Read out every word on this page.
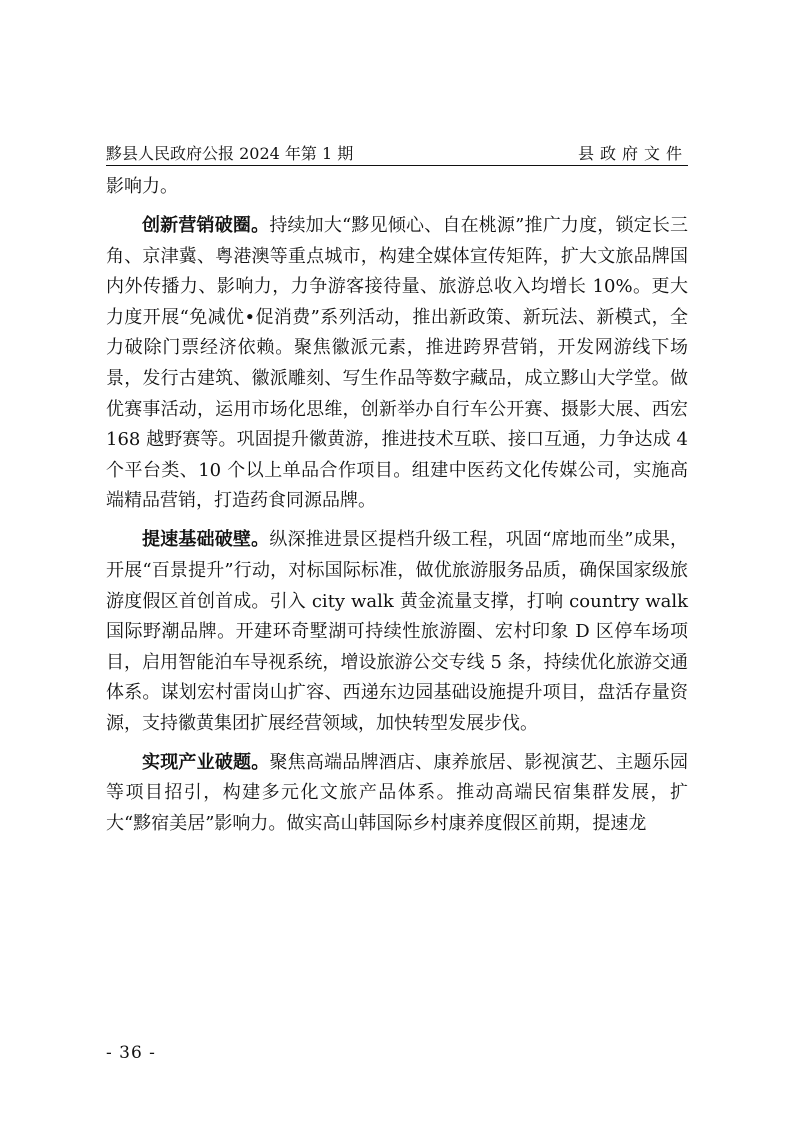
黟县人民政府公报 2024 年第 1 期	县政府文件

影响力。

创新营销破圈。持续加大“黟见倾心、自在桃源”推广力度，锁定长三角、京津冀、粤港澳等重点城市，构建全媒体宣传矩阵，扩大文旅品牌国内外传播力、影响力，力争游客接待量、旅游总收入均增长 10%。更大力度开展“免减优•促消费”系列活动，推出新政策、新玩法、新模式，全力破除门票经济依赖。聚焦徽派元素，推进跨界营销，开发网游线下场景，发行古建筑、徽派雕刻、写生作品等数字藏品，成立黟山大学堂。做优赛事活动，运用市场化思维，创新举办自行车公开赛、摄影大展、西宏 168 越野赛等。巩固提升徽黄游，推进技术互联、接口互通，力争达成 4 个平台类、10 个以上单品合作项目。组建中医药文化传媒公司，实施高端精品营销，打造药食同源品牌。

提速基础破壁。纵深推进景区提档升级工程，巩固“席地而坐”成果，开展“百景提升”行动，对标国际标准，做优旅游服务品质，确保国家级旅游度假区首创首成。引入 city walk 黄金流量支撑，打响 country walk 国际野潮品牌。开建环奇墅湖可持续性旅游圈、宏村印象 D 区停车场项目，启用智能泊车导视系统，增设旅游公交专线 5 条，持续优化旅游交通体系。谋划宏村雷岗山扩容、西递东边园基础设施提升项目，盘活存量资源，支持徽黄集团扩展经营领域，加快转型发展步伐。

实现产业破题。聚焦高端品牌酒店、康养旅居、影视演艺、主题乐园等项目招引，构建多元化文旅产品体系。推动高端民宿集群发展，扩大“黟宿美居”影响力。做实高山韩国际乡村康养度假区前期，提速龙

- 36 -
